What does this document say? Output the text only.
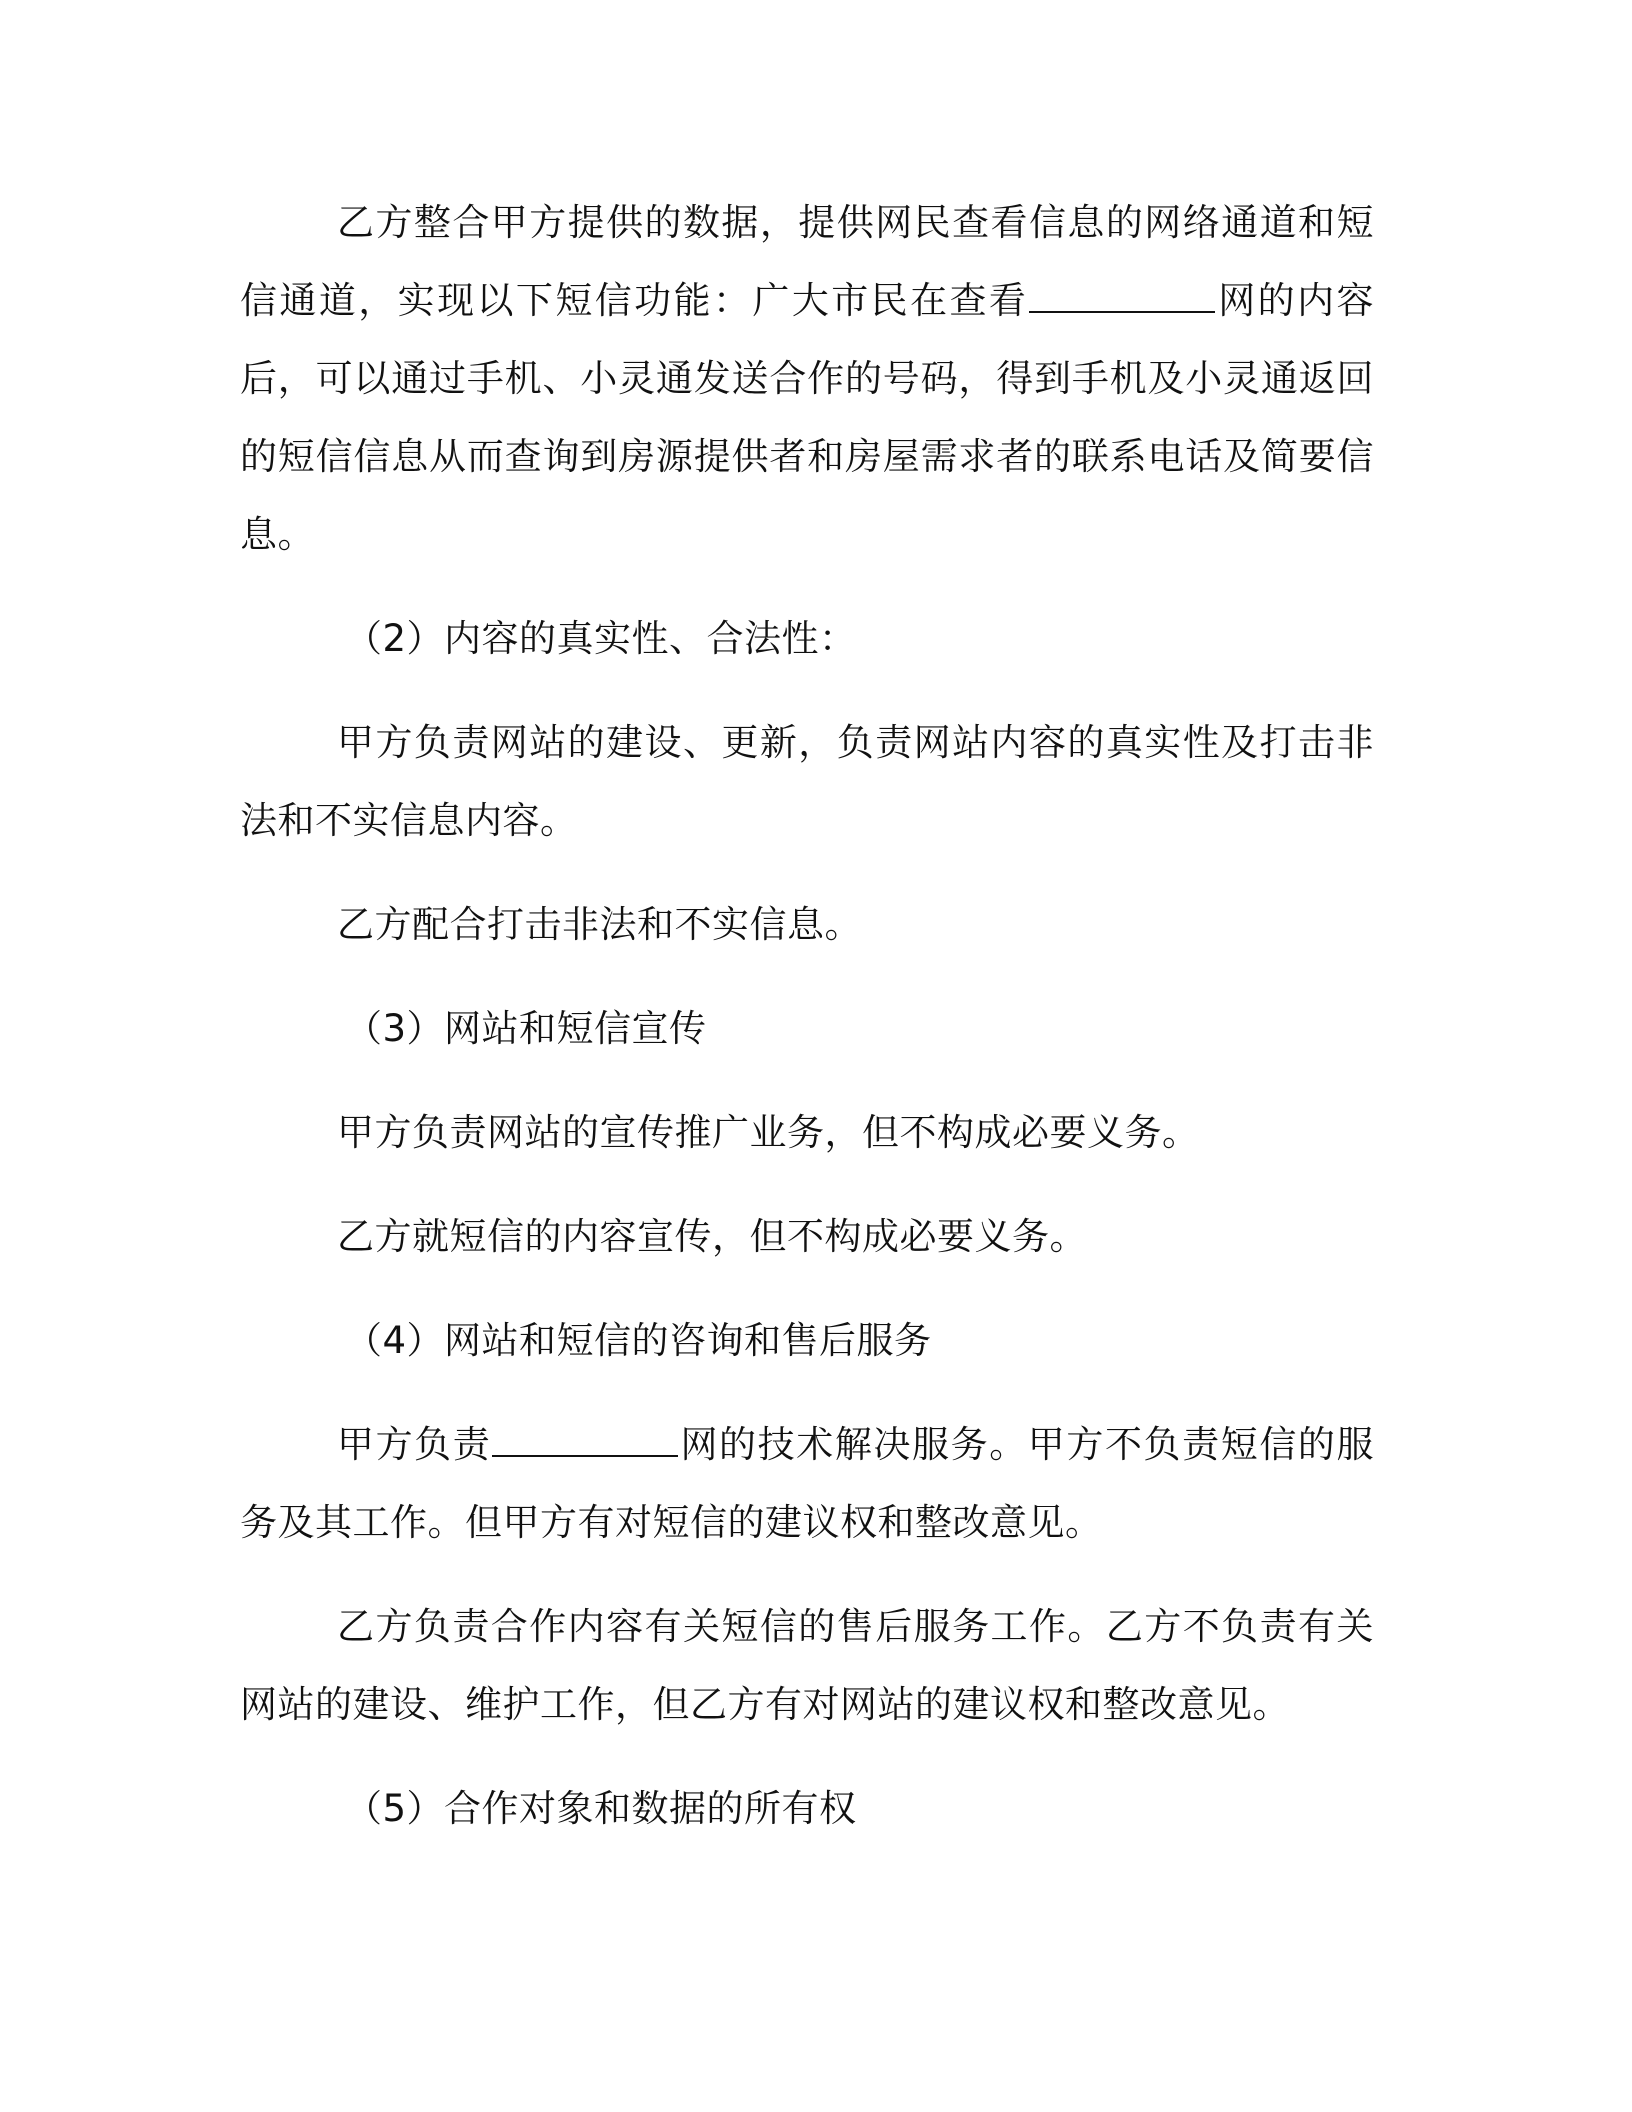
乙方整合甲方提供的数据，提供网民查看信息的网络通道和短信通道，实现以下短信功能：广大市民在查看	网的内容后，可以通过手机、小灵通发送合作的号码，得到手机及小灵通返回的短信信息从而查询到房源提供者和房屋需求者的联系电话及简要信息。

（2）内容的真实性、合法性：

甲方负责网站的建设、更新，负责网站内容的真实性及打击非法和不实信息内容。

乙方配合打击非法和不实信息。

（3）网站和短信宣传

甲方负责网站的宣传推广业务，但不构成必要义务。

乙方就短信的内容宣传，但不构成必要义务。

（4）网站和短信的咨询和售后服务

甲方负责	网的技术解决服务。甲方不负责短信的服务及其工作。但甲方有对短信的建议权和整改意见。

乙方负责合作内容有关短信的售后服务工作。乙方不负责有关网站的建设、维护工作，但乙方有对网站的建议权和整改意见。

（5）合作对象和数据的所有权
